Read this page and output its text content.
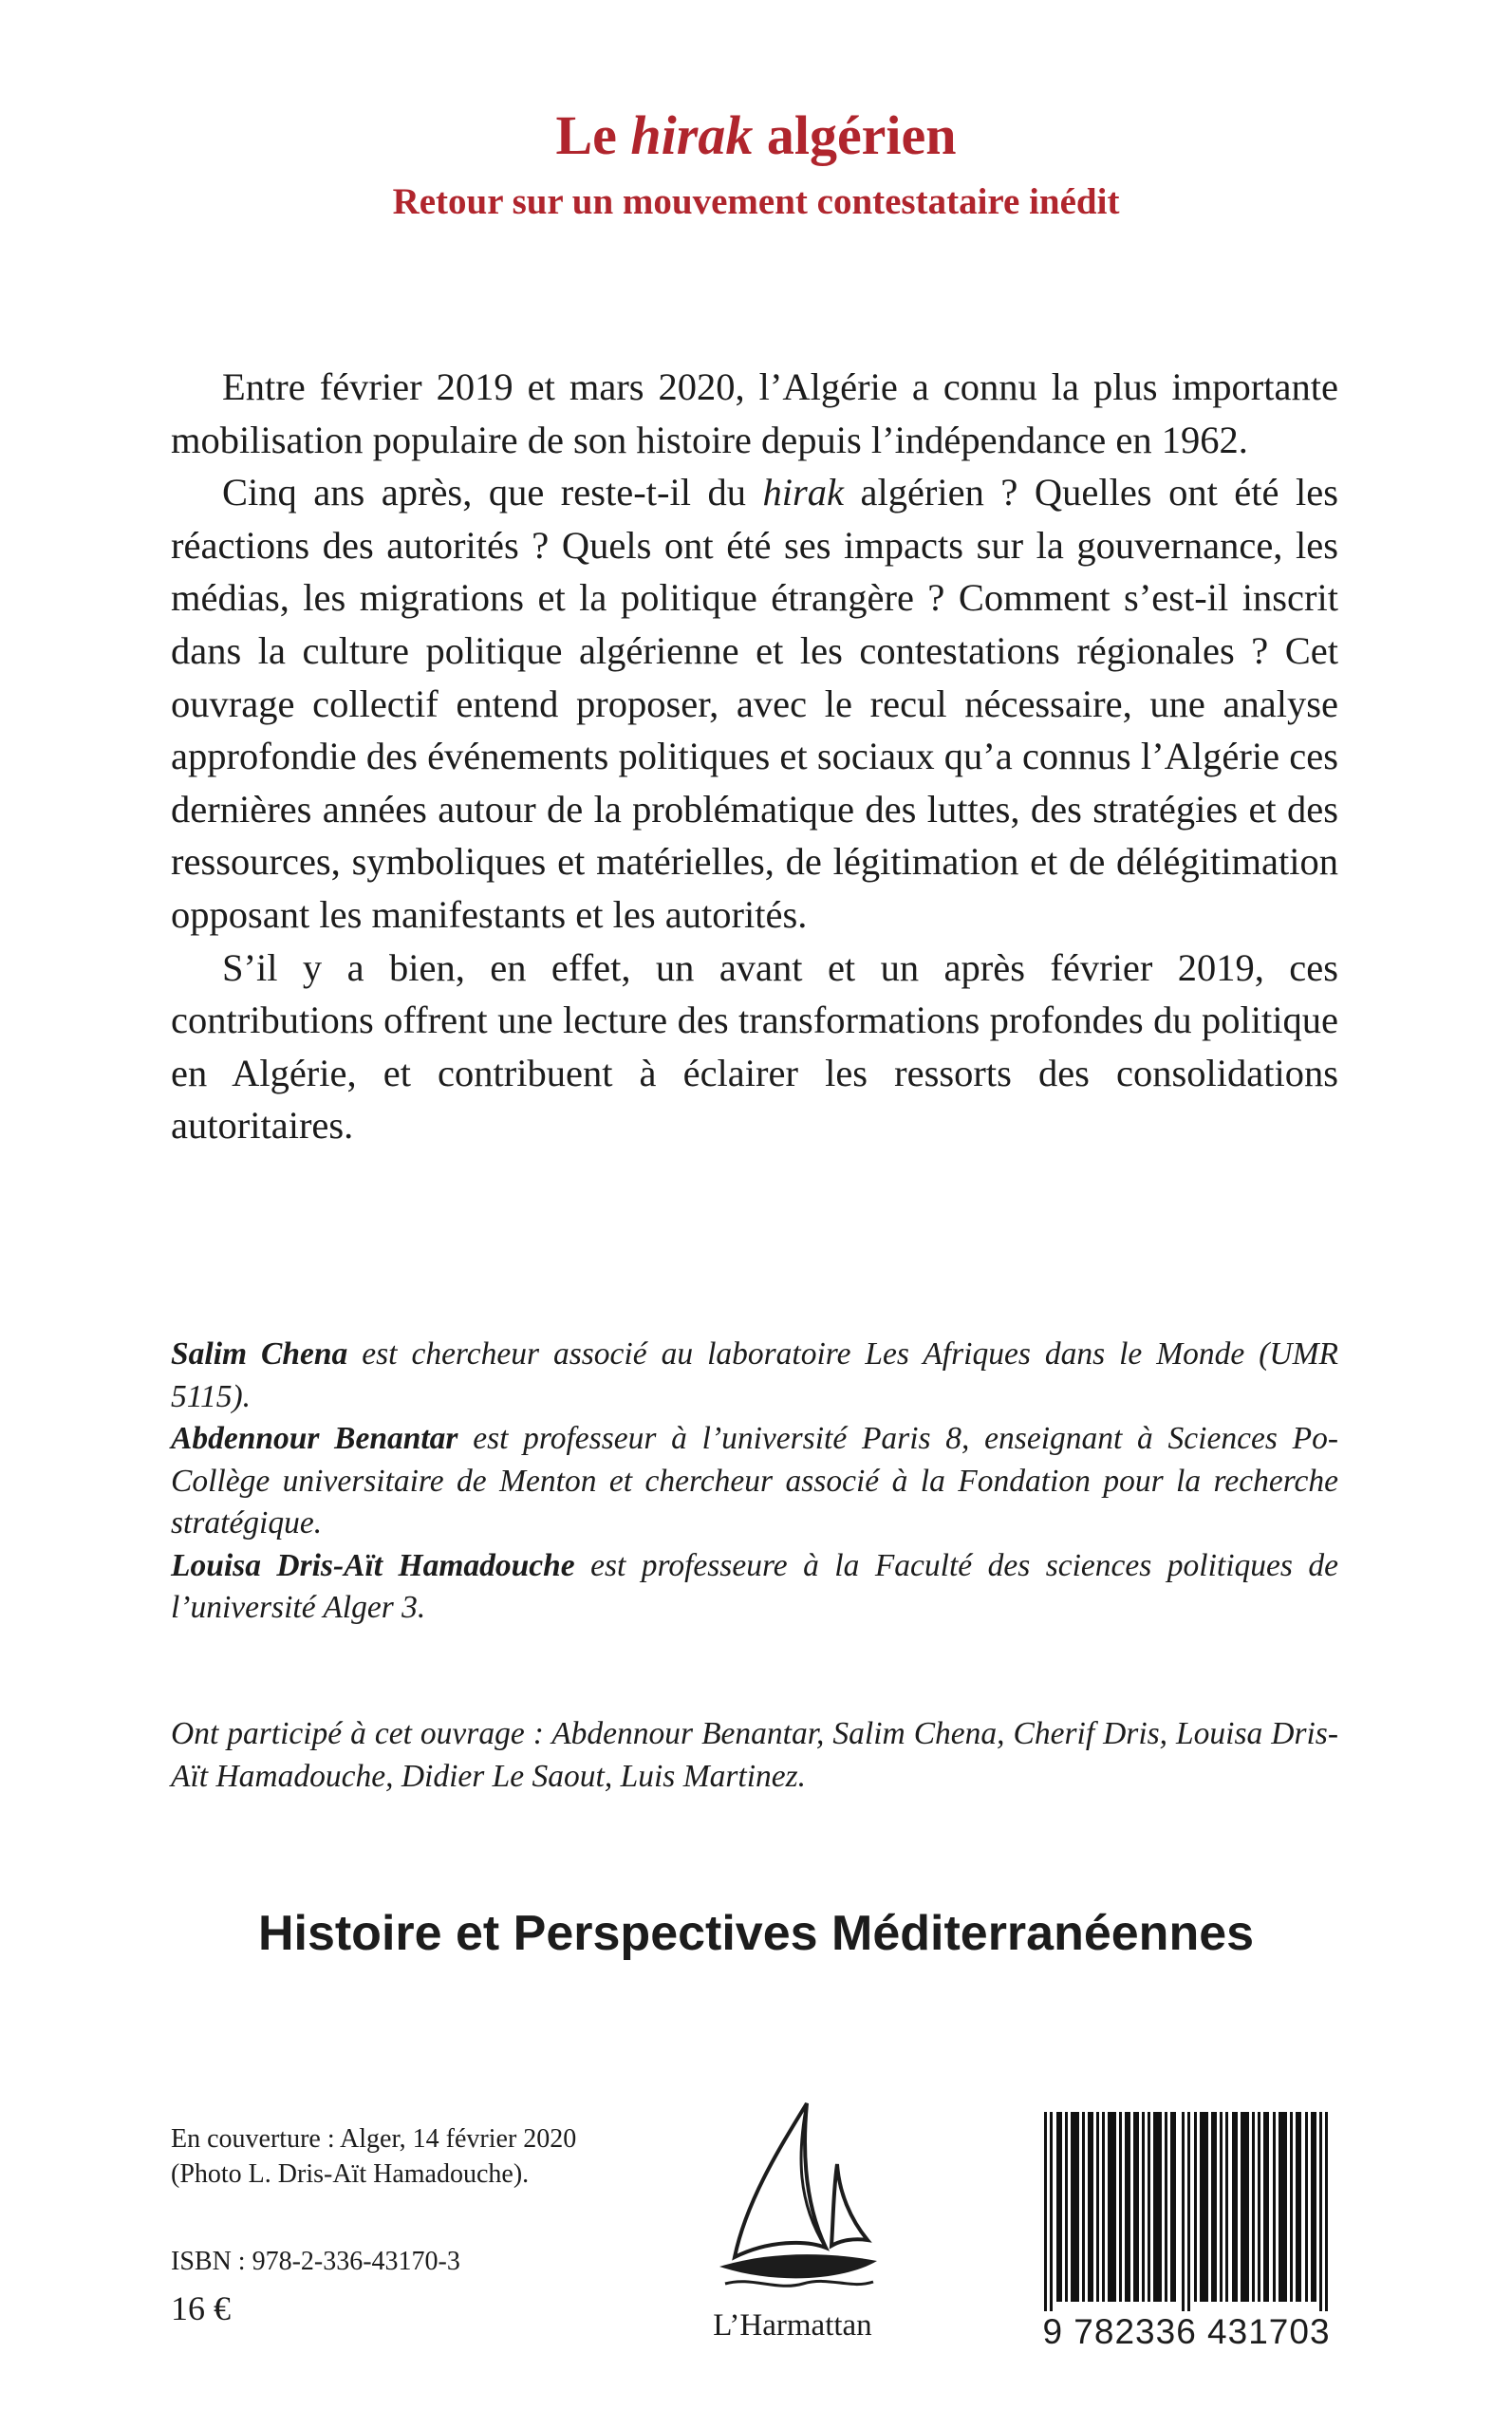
Le hirak algérien
Retour sur un mouvement contestataire inédit

Entre février 2019 et mars 2020, l’Algérie a connu la plus importante mobilisation populaire de son histoire depuis l’indépendance en 1962.

Cinq ans après, que reste-t-il du hirak algérien ? Quelles ont été les réactions des autorités ? Quels ont été ses impacts sur la gouvernance, les médias, les migrations et la politique étrangère ? Comment s’est-il inscrit dans la culture politique algérienne et les contestations régionales ? Cet ouvrage collectif entend proposer, avec le recul nécessaire, une analyse approfondie des événements politiques et sociaux qu’a connus l’Algérie ces dernières années autour de la problématique des luttes, des stratégies et des ressources, symboliques et matérielles, de légitimation et de délégitimation opposant les manifestants et les autorités.

S’il y a bien, en effet, un avant et un après février 2019, ces contributions offrent une lecture des transformations profondes du politique en Algérie, et contribuent à éclairer les ressorts des consolidations autoritaires.

Salim Chena est chercheur associé au laboratoire Les Afriques dans le Monde (UMR 5115).

Abdennour Benantar est professeur à l’université Paris 8, enseignant à Sciences Po-Collège universitaire de Menton et chercheur associé à la Fondation pour la recherche stratégique.

Louisa Dris-Aït Hamadouche est professeure à la Faculté des sciences politiques de l’université Alger 3.

Ont participé à cet ouvrage : Abdennour Benantar, Salim Chena, Cherif Dris, Louisa Dris-Aït Hamadouche, Didier Le Saout, Luis Martinez.

Histoire et Perspectives Méditerranéennes
En couverture : Alger, 14 février 2020
(Photo L. Dris-Aït Hamadouche).
ISBN : 978-2-336-43170-3
16 €	L’Harmattan	9 782336 431703
